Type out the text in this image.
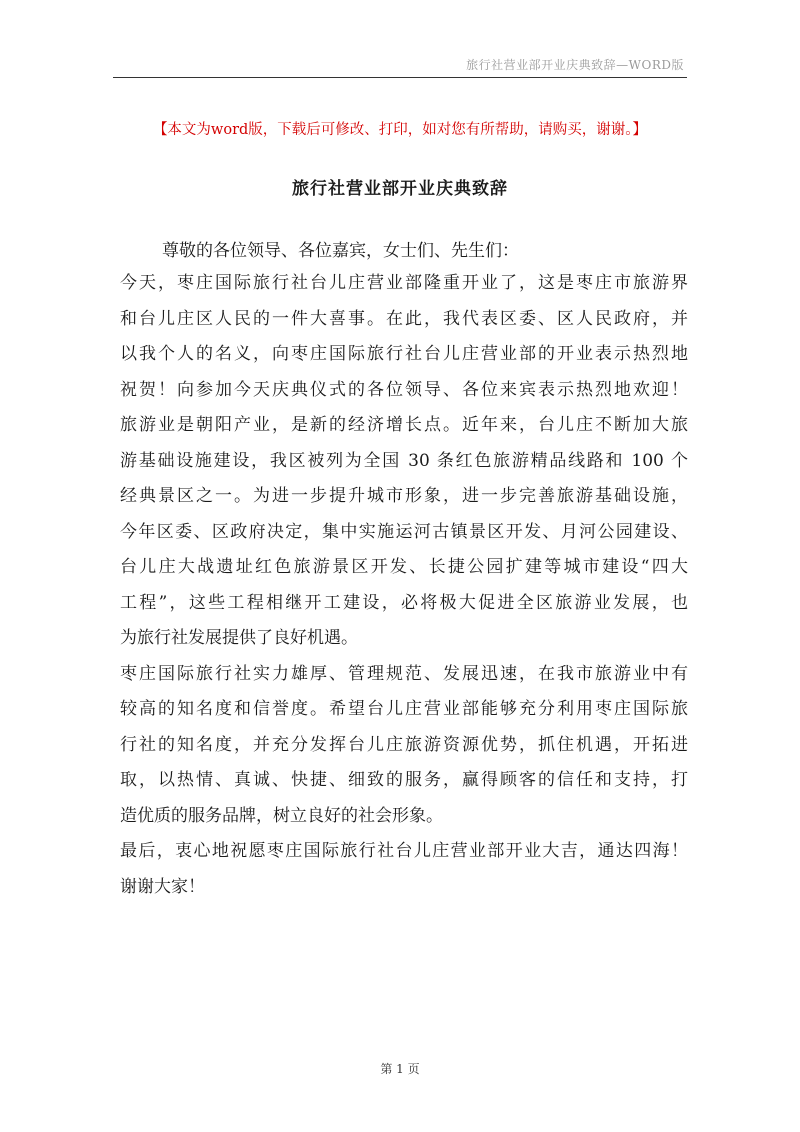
旅行社营业部开业庆典致辞—WORD版
【本文为word版，下载后可修改、打印，如对您有所帮助，请购买，谢谢。】
旅行社营业部开业庆典致辞
尊敬的各位领导、各位嘉宾，女士们、先生们：
今天，枣庄国际旅行社台儿庄营业部隆重开业了，这是枣庄市旅游界
和台儿庄区人民的一件大喜事。在此，我代表区委、区人民政府，并
以我个人的名义，向枣庄国际旅行社台儿庄营业部的开业表示热烈地
祝贺！向参加今天庆典仪式的各位领导、各位来宾表示热烈地欢迎！
旅游业是朝阳产业，是新的经济增长点。近年来，台儿庄不断加大旅
游基础设施建设，我区被列为全国 30 条红色旅游精品线路和 100 个
经典景区之一。为进一步提升城市形象，进一步完善旅游基础设施，
今年区委、区政府决定，集中实施运河古镇景区开发、月河公园建设、
台儿庄大战遗址红色旅游景区开发、长捷公园扩建等城市建设“四大
工程”，这些工程相继开工建设，必将极大促进全区旅游业发展，也
为旅行社发展提供了良好机遇。
枣庄国际旅行社实力雄厚、管理规范、发展迅速，在我市旅游业中有
较高的知名度和信誉度。希望台儿庄营业部能够充分利用枣庄国际旅
行社的知名度，并充分发挥台儿庄旅游资源优势，抓住机遇，开拓进
取，以热情、真诚、快捷、细致的服务，赢得顾客的信任和支持，打
造优质的服务品牌，树立良好的社会形象。
最后，衷心地祝愿枣庄国际旅行社台儿庄营业部开业大吉，通达四海！
谢谢大家！
第 1 页
